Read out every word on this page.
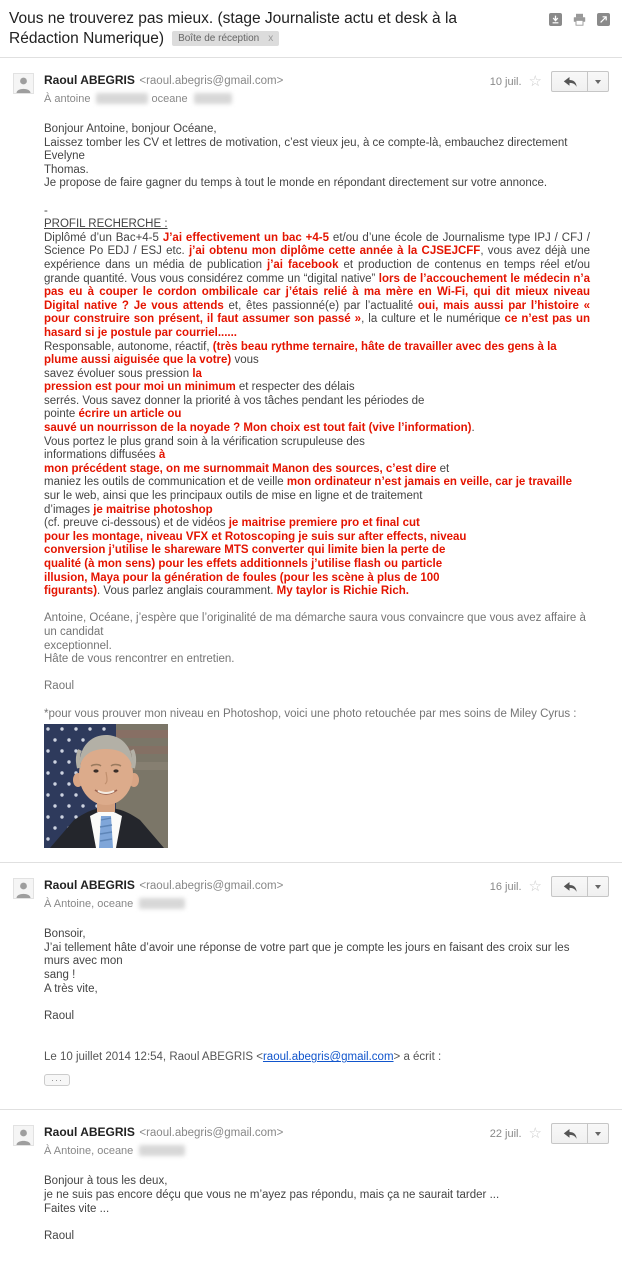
Vous ne trouverez pas mieux. (stage Journaliste actu et desk à la Rédaction Numerique) Boîte de réception x
Raoul ABEGRIS <raoul.abegris@gmail.com>
À antoine	oceane
10 juil. ☆
Bonjour Antoine, bonjour Océane,
Laissez tomber les CV et lettres de motivation, c’est vieux jeu, à ce compte-là, embauchez directement Evelyne
Thomas.
Je propose de faire gagner du temps à tout le monde en répondant directement sur votre annonce.

-
PROFIL RECHERCHE :
Diplômé d’un Bac+4-5 J’ai effectivement un bac +4-5 et/ou d’une école de Journalisme type IPJ / CFJ / Science Po EDJ / ESJ etc. j’ai obtenu mon diplôme cette année à la CJSEJCFF, vous avez déjà une expérience dans un média de publication j’ai facebook et production de contenus en temps réel et/ou grande quantité. Vous vous considérez comme un “digital native” lors de l’accouchement le médecin n’a pas eu à couper le cordon ombilicale car j’étais relié à ma mère en Wi-Fi, qui dit mieux niveau Digital native ? Je vous attends et, êtes passionné(e) par l’actualité oui, mais aussi par l’histoire « pour construire son présent, il faut assumer son passé », la culture et le numérique ce n’est pas un hasard si je postule par courriel......
Responsable, autonome, réactif, (très beau rythme ternaire, hâte de travailler avec des gens à la
plume aussi aiguisée que la votre) vous
savez évoluer sous pression la
pression est pour moi un minimum et respecter des délais
serrés. Vous savez donner la priorité à vos tâches pendant les périodes de
pointe écrire un article ou
sauvé un nourrisson de la noyade ? Mon choix est tout fait (vive l’information).
Vous portez le plus grand soin à la vérification scrupuleuse des
informations diffusées à
mon précédent stage, on me surnommait Manon des sources, c’est dire et
maniez les outils de communication et de veille mon ordinateur n’est jamais en veille, car je travaille
sur le web, ainsi que les principaux outils de mise en ligne et de traitement
d’images je maitrise photoshop
(cf. preuve ci-dessous) et de vidéos je maitrise premiere pro et final cut
pour les montage, niveau VFX et Rotoscoping je suis sur after effects, niveau
conversion j’utilise le shareware MTS converter qui limite bien la perte de
qualité (à mon sens) pour les effets additionnels j’utilise flash ou particle
illusion, Maya pour la génération de foules (pour les scène à plus de 100
figurants). Vous parlez anglais couramment. My taylor is Richie Rich.

Antoine, Océane, j’espère que l’originalité de ma démarche saura vous convaincre que vous avez affaire à un candidat
exceptionnel.
Hâte de vous rencontrer en entretien.

Raoul

*pour vous prouver mon niveau en Photoshop, voici une photo retouchée par mes soins de Miley Cyrus :
Raoul ABEGRIS <raoul.abegris@gmail.com>
À Antoine, oceane
16 juil. ☆
Bonsoir,
J’ai tellement hâte d’avoir une réponse de votre part que je compte les jours en faisant des croix sur les murs avec mon
sang !
A très vite,

Raoul
Le 10 juillet 2014 12:54, Raoul ABEGRIS <raoul.abegris@gmail.com> a écrit :
···
Raoul ABEGRIS <raoul.abegris@gmail.com>
À Antoine, oceane
22 juil. ☆
Bonjour à tous les deux,
je ne suis pas encore déçu que vous ne m’ayez pas répondu, mais ça ne saurait tarder ...
Faites vite ...

Raoul
